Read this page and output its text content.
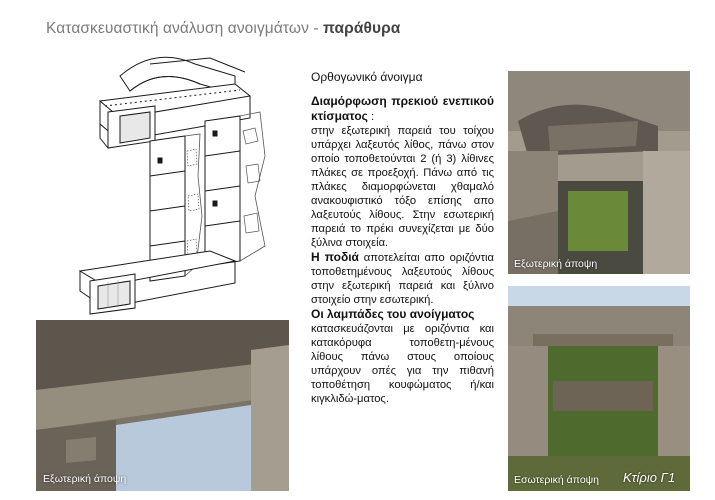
Κατασκευαστική ανάλυση ανοιγμάτων - παράθυρα
Εξωτερική άποψη
Εξωτερική άποψη	Εσωτερική άποψη Κτίριο Γ1
Ορθογωνικό άνοιγμα

Διαμόρφωση πρεκιού ενεπικού κτίσματος :
στην εξωτερική παρειά του τοίχου υπάρχει λαξευτός λίθος, πάνω στον οποίο τοποθετούνται 2 (ή 3) λίθινες πλάκες σε προεξοχή. Πάνω από τις πλάκες διαμορφώνεται χθαμαλό ανακουφιστικό τόξο επίσης απο λαξευτούς λίθους. Στην εσωτερική παρειά το πρέκι συνεχίζεται με δύο ξύλινα στοιχεία.

Η ποδιά αποτελείται απο οριζόντια τοποθετημένους λαξευτούς λίθους στην εξωτερική παρειά και ξύλινο στοιχείο στην εσωτερική.

Οι λαμπάδες του ανοίγματος
κατασκευάζονται με οριζόντια και κατακόρυφα τοποθετη-μένους λίθους πάνω στους οποίους υπάρχουν οπές για την πιθανή τοποθέτηση κουφώματος ή/και κιγκλιδώ-ματος.
